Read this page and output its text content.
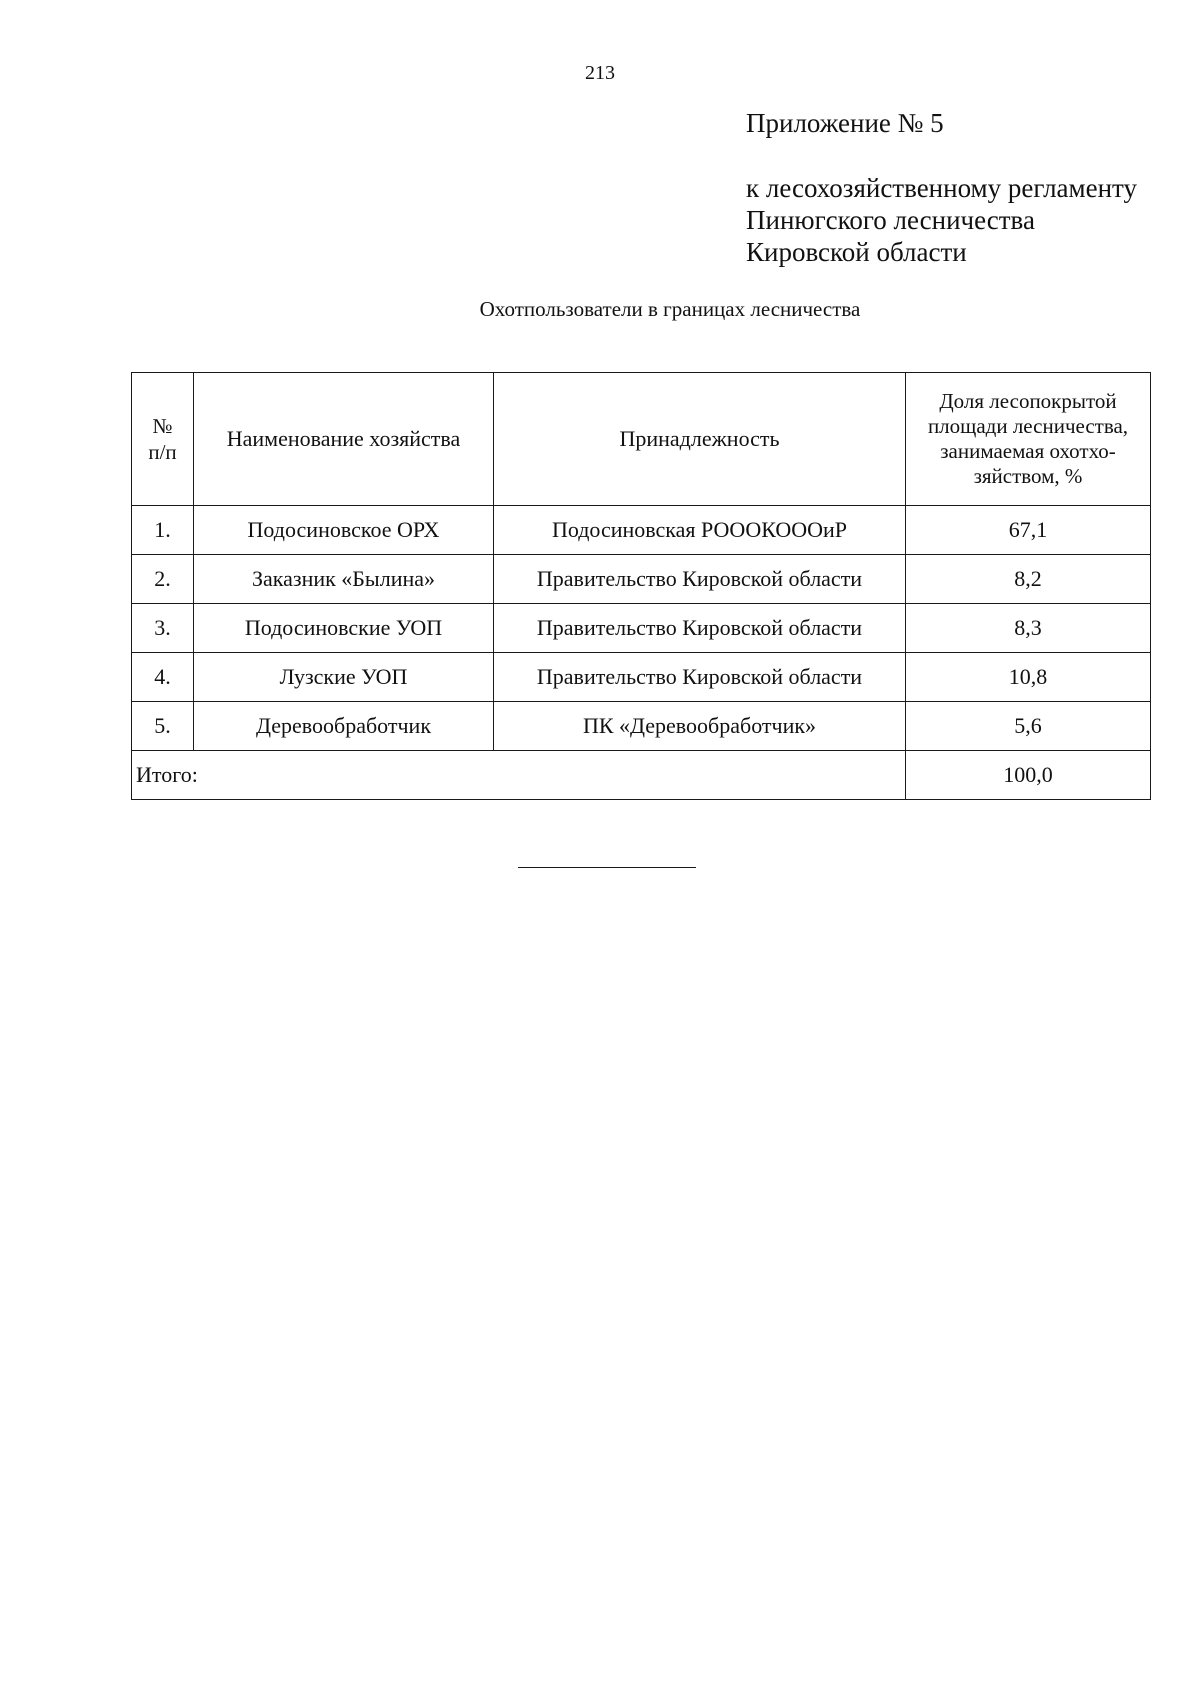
213
Приложение № 5
к лесохозяйственному регламенту
Пинюгского лесничества
Кировской области
Охотпользователи в границах лесничества
№
п/п	Наименование хозяйства	Принадлежность	Доля лесопокрытой площади лесничества, занимаемая охотхо-зяйством, %
1.	Подосиновское ОРХ	Подосиновская РОООКОООиР	67,1
2.	Заказник «Былина»	Правительство Кировской области	8,2
3.	Подосиновские УОП	Правительство Кировской области	8,3
4.	Лузские УОП	Правительство Кировской области	10,8
5.	Деревообработчик	ПК «Деревообработчик»	5,6
Итого:			100,0
